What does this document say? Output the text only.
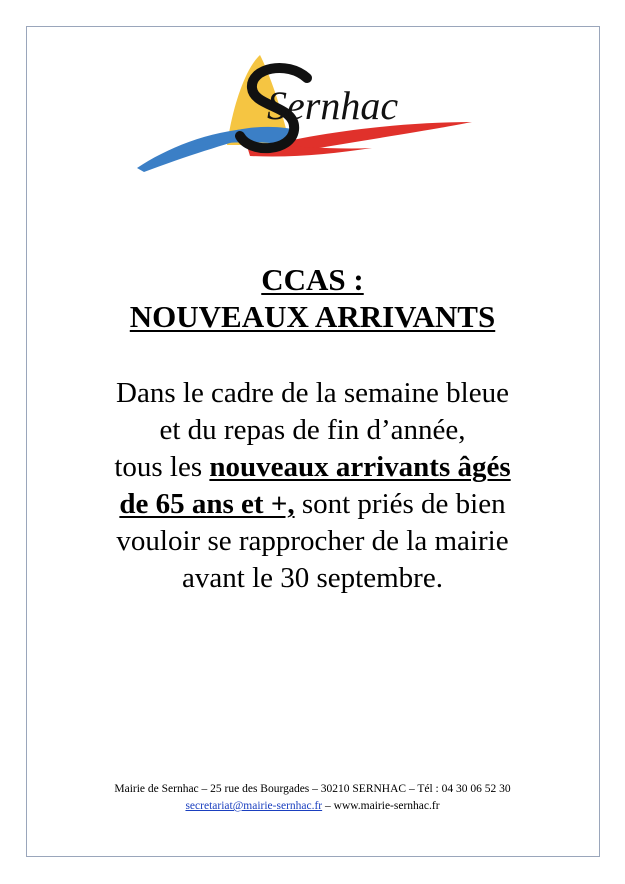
Sernhac
CCAS :
NOUVEAUX ARRIVANTS

Dans le cadre de la semaine bleue

et du repas de fin d’année,

tous les nouveaux arrivants âgés

de 65 ans et +, sont priés de bien

vouloir se rapprocher de la mairie

avant le 30 septembre.

Mairie de Sernhac – 25 rue des Bourgades – 30210 SERNHAC – Tél : 04 30 06 52 30

secretariat@mairie-sernhac.fr – www.mairie-sernhac.fr
